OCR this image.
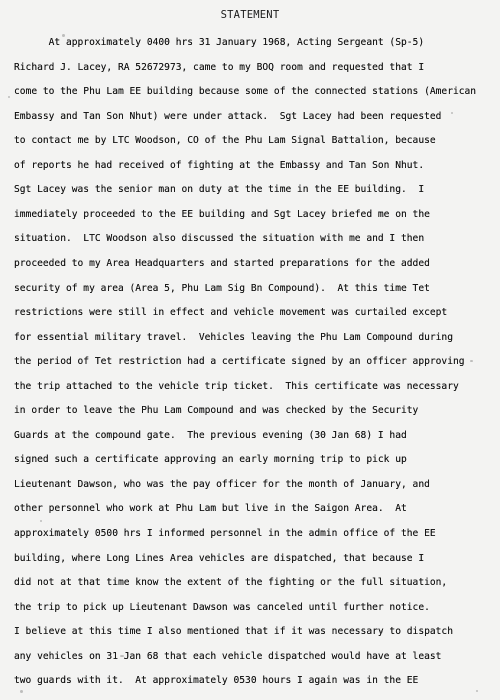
STATEMENT
At approximately 0400 hrs 31 January 1968, Acting Sergeant (Sp-5)
Richard J. Lacey, RA 52672973, came to my BOQ room and requested that I
come to the Phu Lam EE building because some of the connected stations (American
Embassy and Tan Son Nhut) were under attack.  Sgt Lacey had been requested
to contact me by LTC Woodson, CO of the Phu Lam Signal Battalion, because
of reports he had received of fighting at the Embassy and Tan Son Nhut.
Sgt Lacey was the senior man on duty at the time in the EE building.  I
immediately proceeded to the EE building and Sgt Lacey briefed me on the
situation.  LTC Woodson also discussed the situation with me and I then
proceeded to my Area Headquarters and started preparations for the added
security of my area (Area 5, Phu Lam Sig Bn Compound).  At this time Tet
restrictions were still in effect and vehicle movement was curtailed except
for essential military travel.  Vehicles leaving the Phu Lam Compound during
the period of Tet restriction had a certificate signed by an officer approving
the trip attached to the vehicle trip ticket.  This certificate was necessary
in order to leave the Phu Lam Compound and was checked by the Security
Guards at the compound gate.  The previous evening (30 Jan 68) I had
signed such a certificate approving an early morning trip to pick up
Lieutenant Dawson, who was the pay officer for the month of January, and
other personnel who work at Phu Lam but live in the Saigon Area.  At
approximately 0500 hrs I informed personnel in the admin office of the EE
building, where Long Lines Area vehicles are dispatched, that because I
did not at that time know the extent of the fighting or the full situation,
the trip to pick up Lieutenant Dawson was canceled until further notice.
I believe at this time I also mentioned that if it was necessary to dispatch
any vehicles on 31 Jan 68 that each vehicle dispatched would have at least
two guards with it.  At approximately 0530 hours I again was in the EE
